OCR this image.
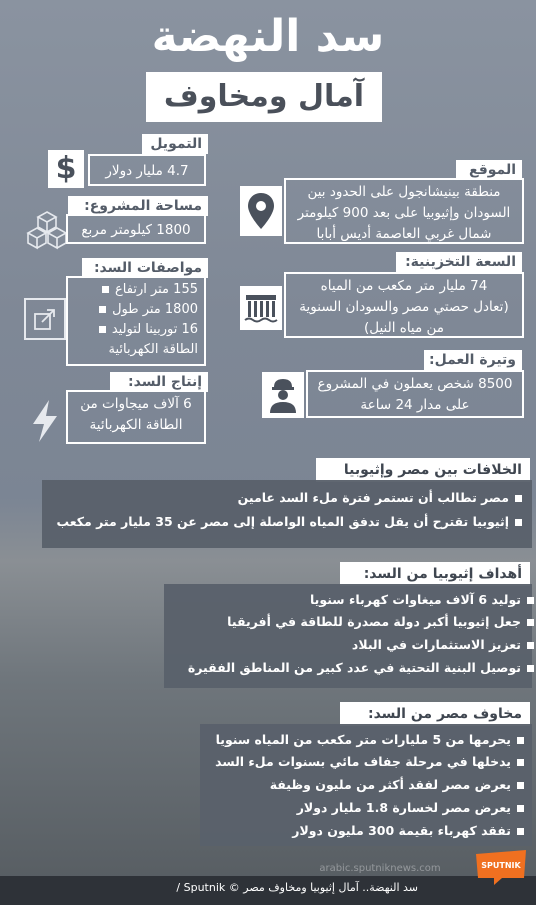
سد النهضة
آمال ومخاوف
التمويل
$	4.7 مليار دولار
مساحة المشروع:
1800 كيلومتر مربع
مواصفات السد:
155 متر ارتفاع
1800 متر طول
16 توربينا لتوليد
الطاقة الكهربائية
إنتاج السد:
6 آلاف ميجاوات من
الطاقة الكهربائية
الموقع
منطقة بينيشانجول على الحدود بين
السودان وإثيوبيا على بعد 900 كيلومتر
شمال غربي العاصمة أديس أبابا
السعة التخزينية:
74 مليار متر مكعب من المياه
(تعادل حصتي مصر والسودان السنوية
من مياه النيل)
وتيرة العمل:
8500 شخص يعملون في المشروع
على مدار 24 ساعة
الخلافات بين مصر وإثيوبيا
مصر تطالب أن تستمر فترة ملء السد عامين
إثيوبيا تقترح أن يقل تدفق المياه الواصلة إلى مصر عن 35 مليار متر مكعب
أهداف إثيوبيا من السد:
توليد 6 آلاف ميغاوات كهرباء سنويا
جعل إثيوبيا أكبر دولة مصدرة للطاقة في أفريقيا
تعزيز الاستثمارات في البلاد
توصيل البنية التحتية في عدد كبير من المناطق الفقيرة
مخاوف مصر من السد:
يحرمها من 5 مليارات متر مكعب من المياه سنويا
يدخلها في مرحلة جفاف مائي بسنوات ملء السد
يعرض مصر لفقد أكثر من مليون وظيفة
يعرض مصر لخسارة 1.8 مليار دولار
تفقد كهرباء بقيمة 300 مليون دولار
arabic.sputniknews.com
سد النهضة.. آمال إثيوبيا ومخاوف مصر © Sputnik /
SPUTNIK
